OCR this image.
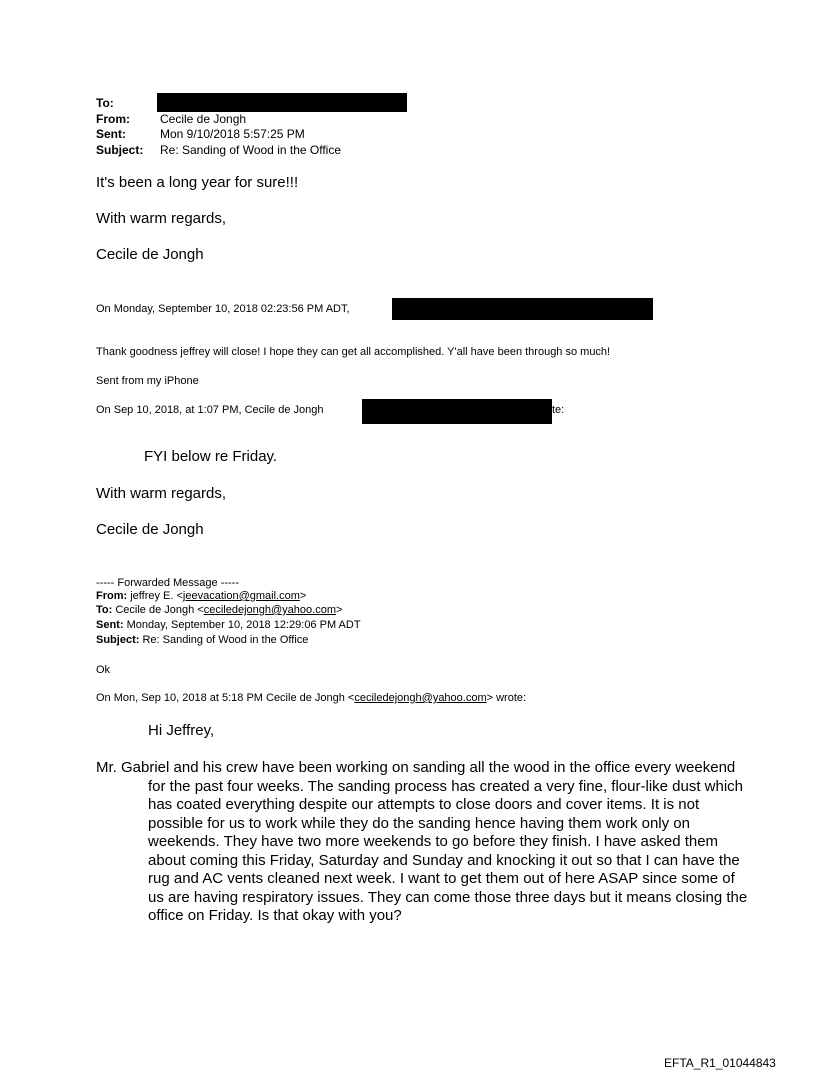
To:
From:	Cecile de Jongh
Sent:	Mon 9/10/2018 5:57:25 PM
Subject: Re: Sanding of Wood in the Office
It's been a long year for sure!!!
With warm regards,
Cecile de Jongh
On Monday, September 10, 2018 02:23:56 PM ADT,
Thank goodness jeffrey will close! I hope they can get all accomplished. Y'all have been through so much!
Sent from my iPhone
On Sep 10, 2018, at 1:07 PM, Cecile de Jongh	te:
FYI below re Friday.
With warm regards,
Cecile de Jongh
----- Forwarded Message -----
From: jeffrey E. <jeevacation@gmail.com>
To: Cecile de Jongh <ceciledejongh@yahoo.com>
Sent: Monday, September 10, 2018 12:29:06 PM ADT
Subject: Re: Sanding of Wood in the Office
Ok
On Mon, Sep 10, 2018 at 5:18 PM Cecile de Jongh <ceciledejongh@yahoo.com> wrote:
Hi Jeffrey,

Mr. Gabriel and his crew have been working on sanding all the wood in the office every weekend for the past four weeks. The sanding process has created a very fine, flour-like dust which has coated everything despite our attempts to close doors and cover items. It is not possible for us to work while they do the sanding hence having them work only on weekends. They have two more weekends to go before they finish. I have asked them about coming this Friday, Saturday and Sunday and knocking it out so that I can have the rug and AC vents cleaned next week. I want to get them out of here ASAP since some of us are having respiratory issues. They can come those three days but it means closing the office on Friday. Is that okay with you?

EFTA_R1_01044843
